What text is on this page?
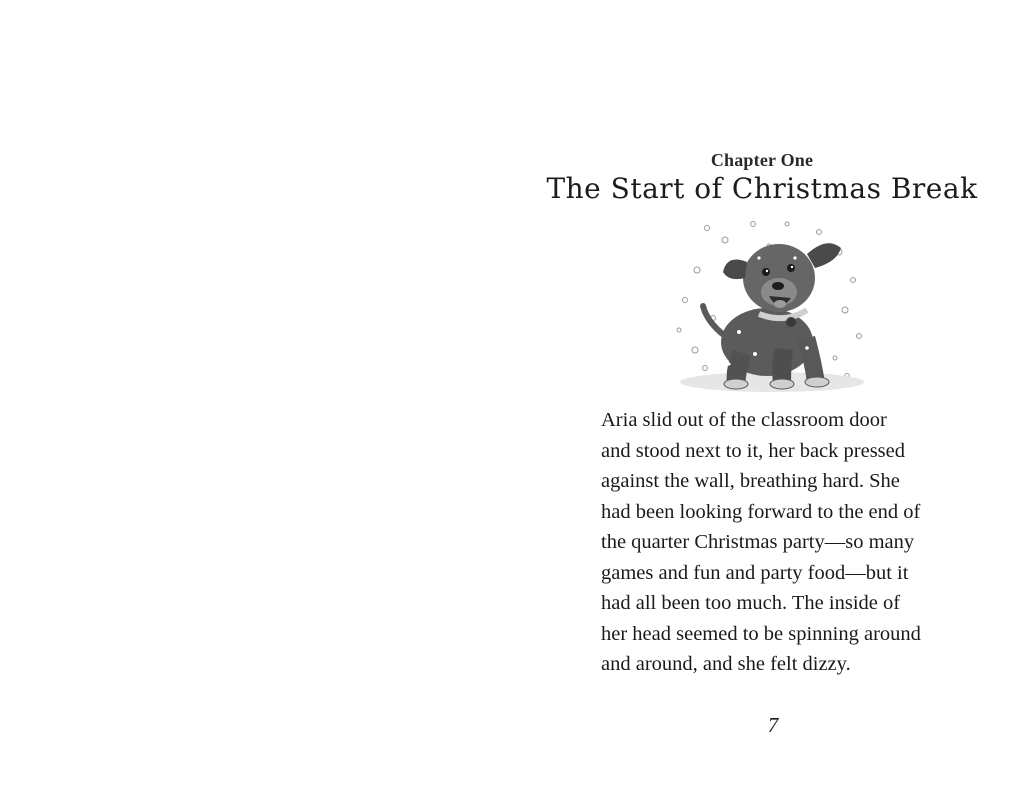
Chapter One
The Start of Christmas Break
Aria slid out of the classroom door
and stood next to it, her back pressed
against the wall, breathing hard. She
had been looking forward to the end of
the quarter Christmas party—so many
games and fun and party food—but it
had all been too much. The inside of
her head seemed to be spinning around
and around, and she felt dizzy.
7
